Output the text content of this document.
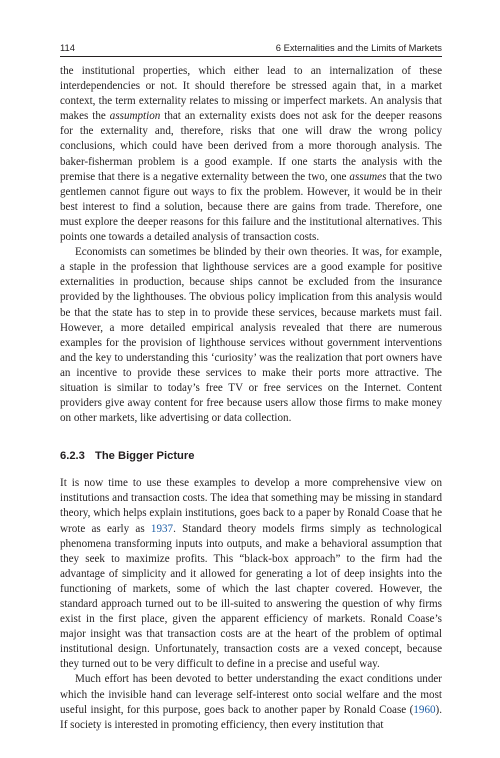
114	6 Externalities and the Limits of Markets

the institutional properties, which either lead to an internalization of these interdependencies or not. It should therefore be stressed again that, in a market context, the term externality relates to missing or imperfect markets. An analysis that makes the assumption that an externality exists does not ask for the deeper reasons for the externality and, therefore, risks that one will draw the wrong policy conclusions, which could have been derived from a more thorough analysis. The baker-fisherman problem is a good example. If one starts the analysis with the premise that there is a negative externality between the two, one assumes that the two gentlemen cannot figure out ways to fix the problem. However, it would be in their best interest to find a solution, because there are gains from trade. Therefore, one must explore the deeper reasons for this failure and the institutional alternatives. This points one towards a detailed analysis of transaction costs.

Economists can sometimes be blinded by their own theories. It was, for example, a staple in the profession that lighthouse services are a good example for positive externalities in production, because ships cannot be excluded from the insurance provided by the lighthouses. The obvious policy implication from this analysis would be that the state has to step in to provide these services, because markets must fail. However, a more detailed empirical analysis revealed that there are numerous examples for the provision of lighthouse services without government interventions and the key to understanding this ‘curiosity’ was the realization that port owners have an incentive to provide these services to make their ports more attractive. The situation is similar to today’s free TV or free services on the Internet. Content providers give away content for free because users allow those firms to make money on other markets, like advertising or data collection.

6.2.3 The Bigger Picture

It is now time to use these examples to develop a more comprehensive view on institutions and transaction costs. The idea that something may be missing in standard theory, which helps explain institutions, goes back to a paper by Ronald Coase that he wrote as early as 1937. Standard theory models firms simply as technological phenomena transforming inputs into outputs, and make a behavioral assumption that they seek to maximize profits. This “black-box approach” to the firm had the advantage of simplicity and it allowed for generating a lot of deep insights into the functioning of markets, some of which the last chapter covered. However, the standard approach turned out to be ill-suited to answering the question of why firms exist in the first place, given the apparent efficiency of markets. Ronald Coase’s major insight was that transaction costs are at the heart of the problem of optimal institutional design. Unfortunately, transaction costs are a vexed concept, because they turned out to be very difficult to define in a precise and useful way.

Much effort has been devoted to better understanding the exact conditions under which the invisible hand can leverage self-interest onto social welfare and the most useful insight, for this purpose, goes back to another paper by Ronald Coase (1960). If society is interested in promoting efficiency, then every institution that
